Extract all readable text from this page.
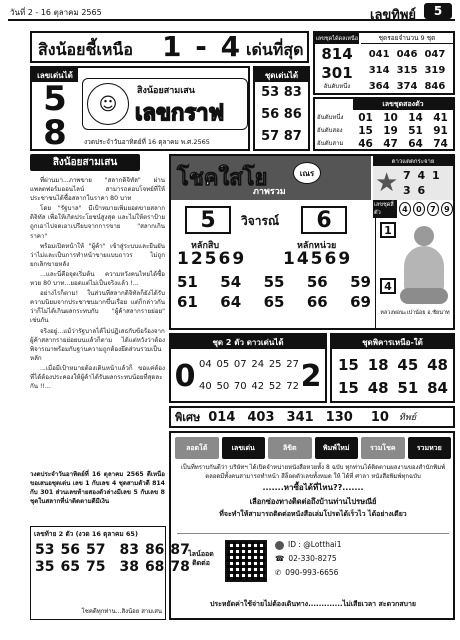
วันที่ 2 - 16 ตุลาคม 2565	เลขทิพย์	5
สิงน้อยชี้เหนือ 1 - 4 เด่นที่สุด
เลขเด่นได้
5
8
☺
สิงน้อยสามเสน
เลขกราฟ
งวดประจำวันอาทิตย์ที่ 16 ตุลาคม พ.ศ.2565
ชุดเด่นได้
53 83
56 86
57 87
เลขชุดได้ดลเหนือ
814
301
อันดับหนึ่ง
ชุดรอยจำนวน 9 ชุด
041 046 047
314 315 319
364 374 846
เลขชุดสองตัว
อันดับหนึ่ง	01 10 14 41
อันดับสอง	15 19 51 91
อันดับสาม	46 47 64 74
สิงน้อยสามเสน

ที่ผ่านมา...ภาพขาย "สลากดิจิทัล" ผ่านแพลตฟอร์มออนไลน์ สามารถตอบโจทย์ที่ให้ประชาชนได้ซื้อสลากในราคา 80 บาท

โดย "รัฐบาล" มีเป้าหมายเพิ่มยอดขายสลากดิจิทัล เพื่อให้เกิดประโยชน์สูงสุด และไม่ให้ตราป้ายถูกเอาไปจดเอาเปรียบจากการขาย "สลากเกินราคา"

พร้อมเปิดหน้าให้ "ผู้ค้า" เข้าสู่ระบบและยืนยันว่าไม่และเป็นการทำหน้าขายแบบถาวร ไม่ถูกยกเลิกขายหลัง

...และนี่คือจุดเริ่มต้น ความหวังคนไทยได้ซื้อหวย 80 บาท...ยอดแต่ไม่เป็นจริงแล้ว !...

อย่างไรก็ตาม! ในส่วนที่สลากดิจิทัลก็ยังได้รับความนิยมจากประชาชนมากขึ้นเรื่อย แต่ก็กล่าวกันว่าก็ไม่ได้เกินผลกระทบกับ "ผู้ค้าสลากรายย่อย" เช่นกัน

จริงอยู่...แม้ว่ารัฐบาลได้ไม่ปฏิเสธกับข้อร้องจากผู้ค้าสลากรายย่อยบนแล้วก็ตาม ได้แต่หวังว่าต้องพิจารณาพร้อมกับฐานความถูกต้องยึดส่วนรวมเป็นหลัก

...เมื่อมีเป้าหมายต้องเดินหน้าแล้วก็ ขอแค่ต้องที่ได้ต้องประคองให้ผู้ค้าได้รับผลกระทบน้อยที่สุดละกัน !!...

วงดประจำวันอาทิตย์ที่ 16 ตุลาคม 2565 ดีเหนือ ขอเสนอชุดเด่น เลข 1 กับเลข 4 ชุดสามตัวดี 814 กับ 301 ส่วนเลขท้ายสองตัวล่างมีเลข 5 กับเลข 8 ชุดในสลากที่น่าติดตามดีมีเงิน
เลขท้าย 2 ตัว (งวด 16 ตุลาคม 65)
53 56 57 83 86 87
35 65 75 38 68 78
โชคดีทุกท่าน...สิงน้อย สามเสน
โชคใสโย	เณร
ภาพรวม
ดาวแดดกระจาย
★ 7 4 1 3 6
เลขชุดสี่ตัว	4	0	7	9
5	วิจารณ์	6
หลักสิบ	หลักหน่วย
12569 14569
51 54 55 56 59
61 64 65 66 69
1
4
หลวงพ่อนะเปาน้อย อ.ชัยนาท
ชุด 2 ตัว ดาวเด่นได้
0	2
04 05 07 24 25 27
40 50 70 42 52 72
ชุดพิคารเหนือ-ใต้
15 18 45 48
15 48 51 84
พิเศษ 014 403 341 130 10 ทิพย์
ลอตโต้	เลขเด่น	ลิขิต	พิมพ์ใหม่	รวมโชค	รวมหวย
เป็นที่ทราบกันดีว่า บริษัทฯ ได้เปิดจำหน่ายหนังสือหวยทั้ง 8 ฉบับ ทุกท่านได้ติดตามผลงานของสำนักพิมพ์
ตลอดมีทั้งคนสามารถทำหน้า สีล็อตตัวเลขทั้งหมด ให้ ได้ที่ ศาลา หนังสือพิมพ์ทุกฉบับ
.......หาซื้อได้ที่ไหน??.......
เลือกซ่องทางติดต่อถึงบ้านท่านไปรษณีย์
ที่จะทำให้สามารถติดต่อหนังสือเล่มโปรดได้เร็วไว ได้อย่างเดียว
ไลน์ออด ติดต่อ
ID : @Lotthai1
☎ 02-330-8275
✆ 090-993-6656
ประหยัดค่าใช้จ่ายไม่ต้องเดินทาง.............ไม่เสียเวลา สะดวกสบาย
